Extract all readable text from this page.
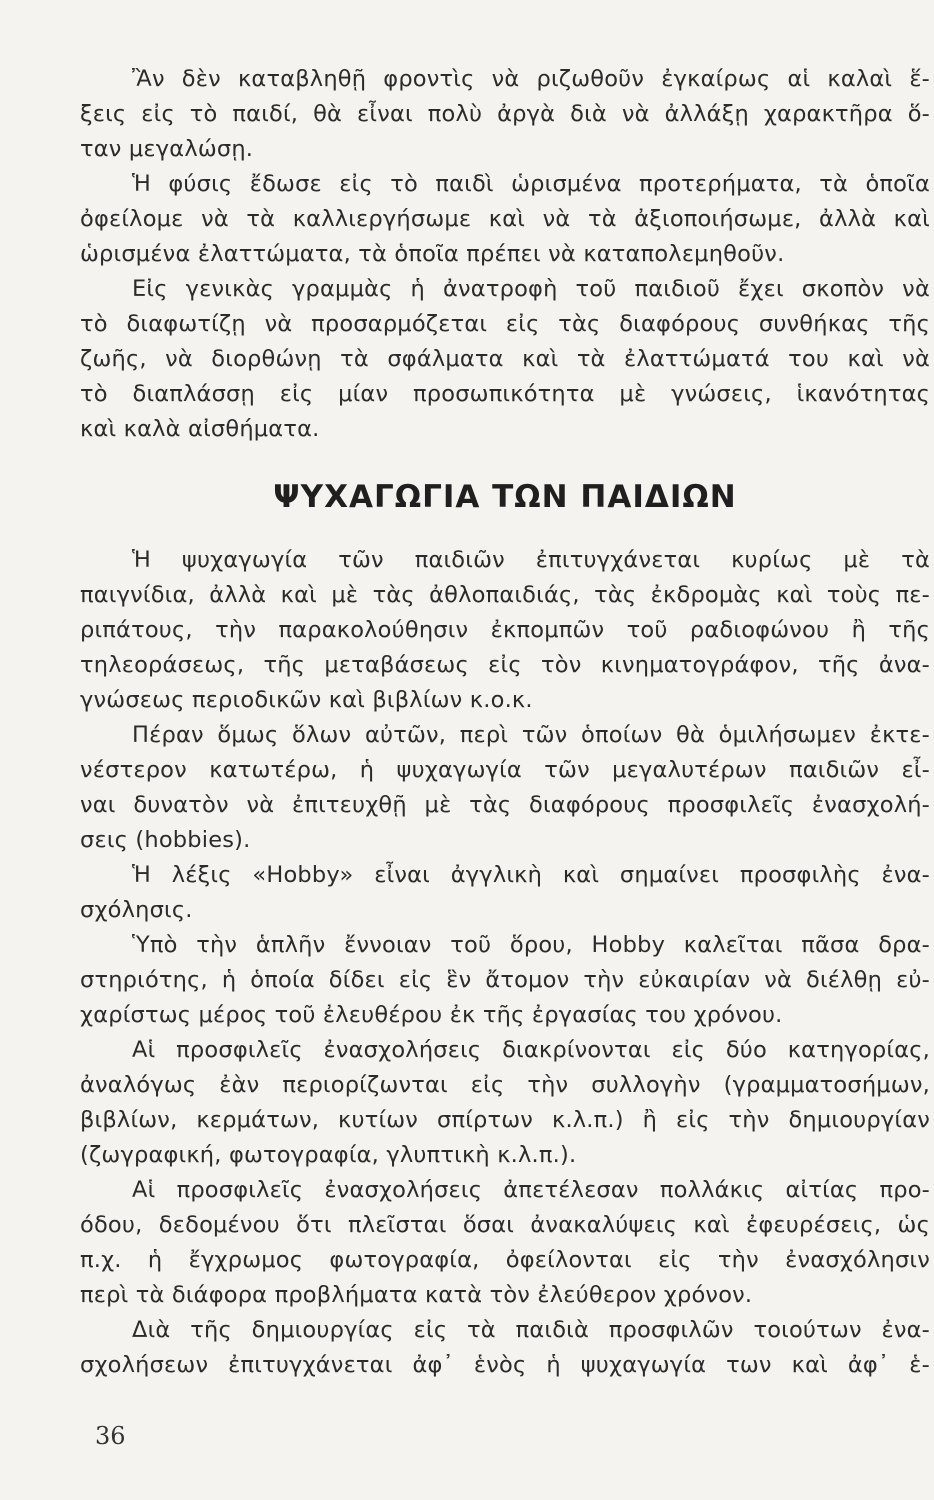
Ἂν δὲν καταβληθῇ φροντὶς νὰ ριζωθοῦν ἐγκαίρως αἱ καλαὶ ἕ-
ξεις εἰς τὸ παιδί, θὰ εἶναι πολὺ ἀργὰ διὰ νὰ ἀλλάξῃ χαρακτῆρα ὅ-
ταν μεγαλώσῃ.
Ἡ φύσις ἔδωσε εἰς τὸ παιδὶ ὡρισμένα προτερήματα, τὰ ὁποῖα
ὀφείλομε νὰ τὰ καλλιεργήσωμε καὶ νὰ τὰ ἀξιοποιήσωμε, ἀλλὰ καὶ
ὡρισμένα ἐλαττώματα, τὰ ὁποῖα πρέπει νὰ καταπολεμηθοῦν.
Εἰς γενικὰς γραμμὰς ἡ ἀνατροφὴ τοῦ παιδιοῦ ἔχει σκοπὸν νὰ
τὸ διαφωτίζῃ νὰ προσαρμόζεται εἰς τὰς διαφόρους συνθήκας τῆς
ζωῆς, νὰ διορθώνῃ τὰ σφάλματα καὶ τὰ ἐλαττώματά του καὶ νὰ
τὸ διαπλάσσῃ εἰς μίαν προσωπικότητα μὲ γνώσεις, ἱκανότητας
καὶ καλὰ αἰσθήματα.
ΨΥΧΑΓΩΓΙΑ ΤΩΝ ΠΑΙΔΙΩΝ
Ἡ ψυχαγωγία τῶν παιδιῶν ἐπιτυγχάνεται κυρίως μὲ τὰ
παιγνίδια, ἀλλὰ καὶ μὲ τὰς ἀθλοπαιδιάς, τὰς ἐκδρομὰς καὶ τοὺς πε-
ριπάτους, τὴν παρακολούθησιν ἐκπομπῶν τοῦ ραδιοφώνου ἢ τῆς
τηλεοράσεως, τῆς μεταβάσεως εἰς τὸν κινηματογράφον, τῆς ἀνα-
γνώσεως περιοδικῶν καὶ βιβλίων κ.ο.κ.
Πέραν ὅμως ὅλων αὐτῶν, περὶ τῶν ὁποίων θὰ ὁμιλήσωμεν ἐκτε-
νέστερον κατωτέρω, ἡ ψυχαγωγία τῶν μεγαλυτέρων παιδιῶν εἶ-
ναι δυνατὸν νὰ ἐπιτευχθῇ μὲ τὰς διαφόρους προσφιλεῖς ἐνασχολή-
σεις (hobbies).
Ἡ λέξις «Hobby» εἶναι ἀγγλικὴ καὶ σημαίνει προσφιλὴς ἐνα-
σχόλησις.
Ὑπὸ τὴν ἁπλῆν ἔννοιαν τοῦ ὅρου, Hobby καλεῖται πᾶσα δρα-
στηριότης, ἡ ὁποία δίδει εἰς ἓν ἄτομον τὴν εὐκαιρίαν νὰ διέλθῃ εὐ-
χαρίστως μέρος τοῦ ἐλευθέρου ἐκ τῆς ἐργασίας του χρόνου.
Αἱ προσφιλεῖς ἐνασχολήσεις διακρίνονται εἰς δύο κατηγορίας,
ἀναλόγως ἐὰν περιορίζωνται εἰς τὴν συλλογὴν (γραμματοσήμων,
βιβλίων, κερμάτων, κυτίων σπίρτων κ.λ.π.) ἢ εἰς τὴν δημιουργίαν
(ζωγραφική, φωτογραφία, γλυπτικὴ κ.λ.π.).
Αἱ προσφιλεῖς ἐνασχολήσεις ἀπετέλεσαν πολλάκις αἰτίας προ-
όδου, δεδομένου ὅτι πλεῖσται ὅσαι ἀνακαλύψεις καὶ ἐφευρέσεις, ὡς
π.χ. ἡ ἔγχρωμος φωτογραφία, ὀφείλονται εἰς τὴν ἐνασχόλησιν
περὶ τὰ διάφορα προβλήματα κατὰ τὸν ἐλεύθερον χρόνον.
Διὰ τῆς δημιουργίας εἰς τὰ παιδιὰ προσφιλῶν τοιούτων ἐνα-
σχολήσεων ἐπιτυγχάνεται ἀφ᾽ ἑνὸς ἡ ψυχαγωγία των καὶ ἀφ᾽ ἑ-
36
